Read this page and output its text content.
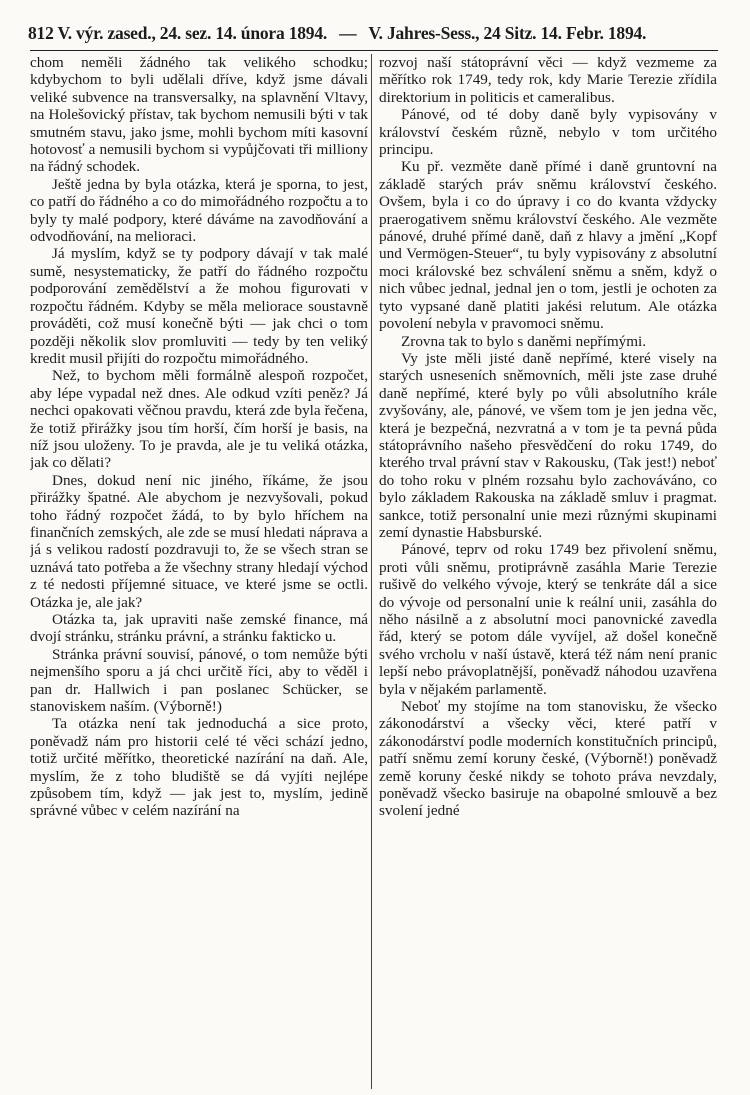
812 V. výr. zased., 24. sez. 14. února 1894. — V. Jahres-Sess., 24 Sitz. 14. Febr. 1894.

chom neměli žádného tak velikého schodku; kdybychom to byli udělali dříve, když jsme dávali veliké subvence na transversalky, na splavnění Vltavy, na Holešovický přístav, tak bychom nemusili býti v tak smutném stavu, jako jsme, mohli bychom míti kasovní hotovosť a nemusili bychom si vypůjčovati tři milliony na řádný schodek.

Ještě jedna by byla otázka, která je sporna, to jest, co patří do řádného a co do mimořádného rozpočtu a to byly ty malé podpory, které dáváme na zavodňování a odvodňování, na melioraci.

Já myslím, když se ty podpory dávají v tak malé sumě, nesystematicky, že patří do řádného rozpočtu podporování zemědělství a že mohou figurovati v rozpočtu řádném. Kdyby se měla meliorace soustavně prováděti, což musí konečně býti — jak chci o tom později několik slov promluviti — tedy by ten veliký kredit musil přijíti do rozpočtu mimořádného.

Než, to bychom měli formálně alespoň rozpočet, aby lépe vypadal než dnes. Ale odkud vzíti peněz? Já nechci opakovati věčnou pravdu, která zde byla řečena, že totiž přirážky jsou tím horší, čím horší je basis, na níž jsou uloženy. To je pravda, ale je tu veliká otázka, jak co dělati?

Dnes, dokud není nic jiného, říkáme, že jsou přirážky špatné. Ale abychom je nezvyšovali, pokud toho řádný rozpočet žádá, to by bylo hříchem na finančních zemských, ale zde se musí hledati náprava a já s velikou radostí pozdravuji to, že se všech stran se uznává tato potřeba a že všechny strany hledají východ z té nedosti příjemné situace, ve které jsme se octli. Otázka je, ale jak?

Otázka ta, jak upraviti naše zemské finance, má dvojí stránku, stránku právní, a stránku fakticko u.

Stránka právní souvisí, pánové, o tom nemůže býti nejmenšího sporu a já chci určitě říci, aby to věděl i pan dr. Hallwich i pan poslanec Schücker, se stanoviskem naším. (Výborně!)

Ta otázka není tak jednoduchá a sice proto, poněvadž nám pro historii celé té věci schází jedno, totiž určité měřítko, theoretické nazírání na daň. Ale, myslím, že z toho bludiště se dá vyjíti nejlépe způsobem tím, když — jak jest to, myslím, jedině správné vůbec v celém nazírání na

rozvoj naší státoprávní věci — když vezmeme za měřítko rok 1749, tedy rok, kdy Marie Terezie zřídila direktorium in politicis et cameralibus.

Pánové, od té doby daně byly vypisovány v království českém různě, nebylo v tom určitého principu.

Ku př. vezměte daně přímé i daně gruntovní na základě starých práv sněmu království českého. Ovšem, byla i co do úpravy i co do kvanta vždycky praerogativem sněmu království českého. Ale vezměte pánové, druhé přímé daně, daň z hlavy a jmění „Kopf und Vermögen-Steuer“, tu byly vypisovány z absolutní moci královské bez schválení sněmu a sněm, když o nich vůbec jednal, jednal jen o tom, jestli je ochoten za tyto vypsané daně platiti jakési relutum. Ale otázka povolení nebyla v pravomoci sněmu.

Zrovna tak to bylo s daněmi nepřímými.

Vy jste měli jisté daně nepřímé, které visely na starých usneseních sněmovních, měli jste zase druhé daně nepřímé, které byly po vůli absolutního krále zvyšovány, ale, pánové, ve všem tom je jen jedna věc, která je bezpečná, nezvratná a v tom je ta pevná půda státoprávního našeho přesvědčení do roku 1749, do kterého trval právní stav v Rakousku, (Tak jest!) neboť do toho roku v plném rozsahu bylo zachováváno, co bylo základem Rakouska na základě smluv i pragmat. sankce, totiž personalní unie mezi různými skupinami zemí dynastie Habsburské.

Pánové, teprv od roku 1749 bez přivolení sněmu, proti vůli sněmu, protiprávně zasáhla Marie Terezie rušivě do velkého vývoje, který se tenkráte dál a sice do vývoje od personalní unie k reální unii, zasáhla do něho násilně a z absolutní moci panovnické zavedla řád, který se potom dále vyvíjel, až došel konečně svého vrcholu v naší ústavě, která též nám není pranic lepší nebo právoplatnější, poněvadž náhodou uzavřena byla v nějakém parlamentě.

Neboť my stojíme na tom stanovisku, že všecko zákonodárství a všecky věci, které patří v zákonodárství podle moderních konstitučních principů, patří sněmu zemí koruny české, (Výborně!) poněvadž země koruny české nikdy se tohoto práva nevzdaly, poněvadž všecko basiruje na obapolné smlouvě a bez svolení jedné
